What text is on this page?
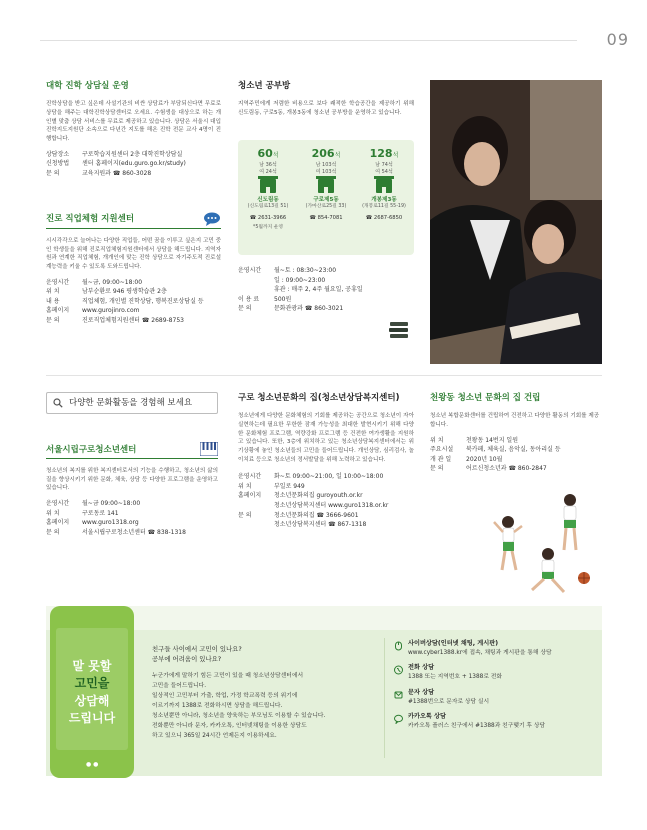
09
대학 진학 상담실 운영
진학상담을 받고 싶은데 사설기관의 비싼 상담료가 부담되신다면 무료로 상담을 해주는 대학진학상담센터로 오세요. 수험생을 대상으로 하는 개인별 맞춤 상담 서비스를 무료로 제공하고 있습니다. 상담은 서울시 대입진학지도지원단 소속으로 다년간 지도를 해온 진학 전문 교사 4명이 진행합니다.
상담장소	구로학습지원센터 2층 대학진학상담실
신청방법	센터 홈페이지(edu.guro.go.kr/study)
문 의	교육지원과 ☎ 860-3028
진로 직업체험 지원센터
시시각각으로 늘어나는 다양한 직업들, 어떤 꿈을 이루고 싶은지 고민 중인 학생들을 위해 진로직업체험지원센터에서 상담을 해드립니다. 지역자원과 연계한 직업체험, 개개인에 맞는 진학 상담으로 자기주도적 진로설계능력을 키울 수 있도록 도와드립니다.
운영시간	월~금, 09:00~18:00
위 치	남부순환로 946 평생학습관 2층
내 용	직업체험, 개인별 진학상담, 행복진로상담실 등
홈페이지	www.gurojinro.com
문 의	진로직업체험지원센터 ☎ 2689-8753
청소년 공부방
지역주민에게 저렴한 비용으로 보다 쾌적한 학습공간을 제공하기 위해 신도림동, 구로5동, 개봉3동에 청소년 공부방을 운영하고 있습니다.
60석
남 36석
여 24석
신도림동
(신도림로13길 51)
☎ 2631-3966
*5월까지 운영
206석
남 103석
여 103석
구로제5동
(가마산로25길 33)
☎ 854-7081
128석
남 74석
여 54석
개봉제3동
(개봉로11길 55-19)
☎ 2687-6850
운영시간	월~토 : 08:30~23:00
일 : 09:00~23:00
휴관 : 매주 2, 4주 월요일, 공휴일
이 용 료	500원
문 의	문화관광과 ☎ 860-3021
다양한 문화활동을 경험해 보세요
서울시립구로청소년센터
청소년의 복지를 위한 복지센터로서의 기능을 수행하고, 청소년의 삶의 질을 향상시키기 위한 문화, 체육, 상담 등 다양한 프로그램을 운영하고 있습니다.
운영시간	월~금 09:00~18:00
위 치	구로동로 141
홈페이지	www.guro1318.org
문 의	서울시립구로청소년센터 ☎ 838-1318
구로 청소년문화의 집(청소년상담복지센터)
청소년에게 다양한 문화체험의 기회를 제공하는 공간으로 청소년이 자아 실현하는데 필요한 무한한 잠재 가능성을 최대한 발현시키기 위해 다양한 문화체험 프로그램, 역량강화 프로그램 등 건전한 여가생활을 지원하고 있습니다. 또한, 3층에 위치하고 있는 청소년상담복지센터에서는 위기상황에 놓인 청소년들의 고민을 들어드립니다. 개인상담, 심리검사, 놀이치료 등으로 청소년의 정서발달을 위해 노력하고 있습니다.
운영시간	화~토 09:00~21:00, 일 10:00~18:00
위 치	부일로 949
홈페이지	청소년문화의집 guroyouth.or.kr
청소년상담복지센터 www.guro1318.or.kr
문 의	청소년문화의집 ☎ 3666-9601
청소년상담복지센터 ☎ 867-1318
천왕동 청소년 문화의 집 건립
청소년 복합문화센터를 건립하여 건전하고 다양한 활동의 기회를 제공합니다.
위 치	천왕동 14번지 일원
주요시설	북카페, 체육실, 음악실, 동아리실 등
개 관 일	2020년 10월
문 의	어르신청소년과 ☎ 860-2847
말 못할
고민을
상담해
드립니다
● ●
친구들 사이에서 고민이 있나요?
공부에 어려움이 있나요?
누군가에게 말하기 힘든 고민이 있을 때 청소년상담센터에서
고민을 들어드립니다.
일상적인 고민부터 가출, 학업, 가정 학교폭력 등의 위기에
이르기까지 1388로 전화하시면 상담을 해드립니다.
청소년뿐만 아니라, 청소년을 양육하는 부모님도 이용할 수 있습니다.
전화뿐만 아니라 문자, 카카오톡, 인터넷채팅을 이용한 상담도
하고 있으니 365일 24시간 언제든지 이용하세요.
사이버상담(인터넷 채팅, 게시판)
www.cyber1388.kr에 접속, 채팅과 게시판을 통해 상담
전화 상담
1388 또는 지역번호 + 1388로 전화
문자 상담
#1388번으로 문자로 상담 실시
카카오톡 상담
카카오톡 플러스 친구에서 #1388과 친구맺기 후 상담
